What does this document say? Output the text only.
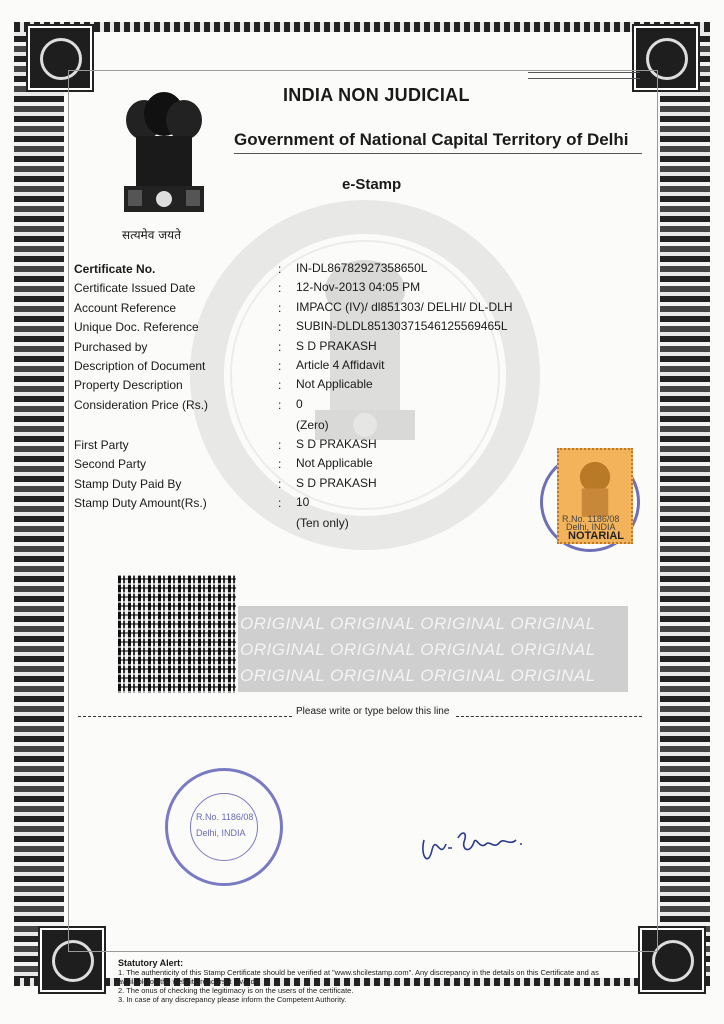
INDIA NON JUDICIAL
Government of National Capital Territory of Delhi
e-Stamp
सत्यमेव जयते
Certificate No.	: IN-DL86782927358650L
Certificate Issued Date	: 12-Nov-2013 04:05 PM
Account Reference	: IMPACC (IV)/ dl851303/ DELHI/ DL-DLH
Unique Doc. Reference	: SUBIN-DLDL85130371546125569465L
Purchased by	: S D PRAKASH
Description of Document	: Article 4 Affidavit
Property Description	: Not Applicable
Consideration Price (Rs.)	: 0
(Zero)
First Party	: S D PRAKASH
Second Party	: Not Applicable
Stamp Duty Paid By	: S D PRAKASH
Stamp Duty Amount(Rs.)	: 10
(Ten only)	R.No. 1186/08
Delhi, INDIA
NOTARIAL
ORIGINAL ORIGINAL ORIGINAL ORIGINAL
ORIGINAL ORIGINAL ORIGINAL ORIGINAL
ORIGINAL ORIGINAL ORIGINAL ORIGINAL
Please write or type below this line
R.No. 1186/08
Delhi, INDIA
Statutory Alert:
1. The authenticity of this Stamp Certificate should be verified at "www.shcilestamp.com". Any discrepancy in the details on this Certificate and as
available on the website renders it invalid.
2. The onus of checking the legitimacy is on the users of the certificate.
3. In case of any discrepancy please inform the Competent Authority.
